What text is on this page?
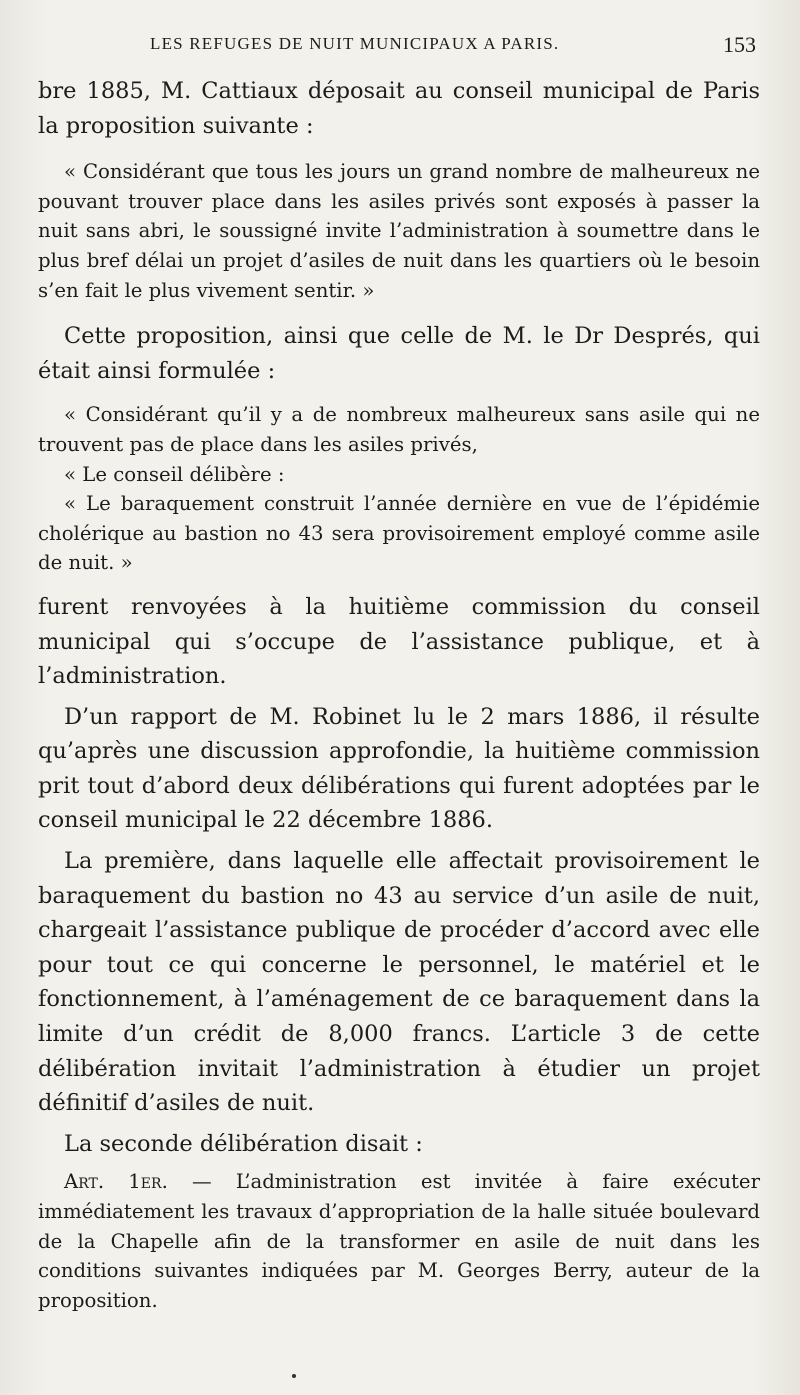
LES REFUGES DE NUIT MUNICIPAUX A PARIS.	153

bre 1885, M. Cattiaux déposait au conseil municipal de Paris la proposition suivante :

« Considérant que tous les jours un grand nombre de malheureux ne pouvant trouver place dans les asiles privés sont exposés à passer la nuit sans abri, le soussigné invite l’administration à soumettre dans le plus bref délai un projet d’asiles de nuit dans les quartiers où le besoin s’en fait le plus vivement sentir. »

Cette proposition, ainsi que celle de M. le Dr Després, qui était ainsi formulée :

« Considérant qu’il y a de nombreux malheureux sans asile qui ne trouvent pas de place dans les asiles privés,

« Le conseil délibère :

« Le baraquement construit l’année dernière en vue de l’épidémie cholérique au bastion no 43 sera provisoirement employé comme asile de nuit. »

furent renvoyées à la huitième commission du conseil municipal qui s’occupe de l’assistance publique, et à l’administration.

D’un rapport de M. Robinet lu le 2 mars 1886, il résulte qu’après une discussion approfondie, la huitième commission prit tout d’abord deux délibérations qui furent adoptées par le conseil municipal le 22 décembre 1886.

La première, dans laquelle elle affectait provisoirement le baraquement du bastion no 43 au service d’un asile de nuit, chargeait l’assistance publique de procéder d’accord avec elle pour tout ce qui concerne le personnel, le matériel et le fonctionnement, à l’aménagement de ce baraquement dans la limite d’un crédit de 8,000 francs. L’article 3 de cette délibération invitait l’administration à étudier un projet définitif d’asiles de nuit.

La seconde délibération disait :

Art. 1er. — L’administration est invitée à faire exécuter immédiatement les travaux d’appropriation de la halle située boulevard de la Chapelle afin de la transformer en asile de nuit dans les conditions suivantes indiquées par M. Georges Berry, auteur de la proposition.
